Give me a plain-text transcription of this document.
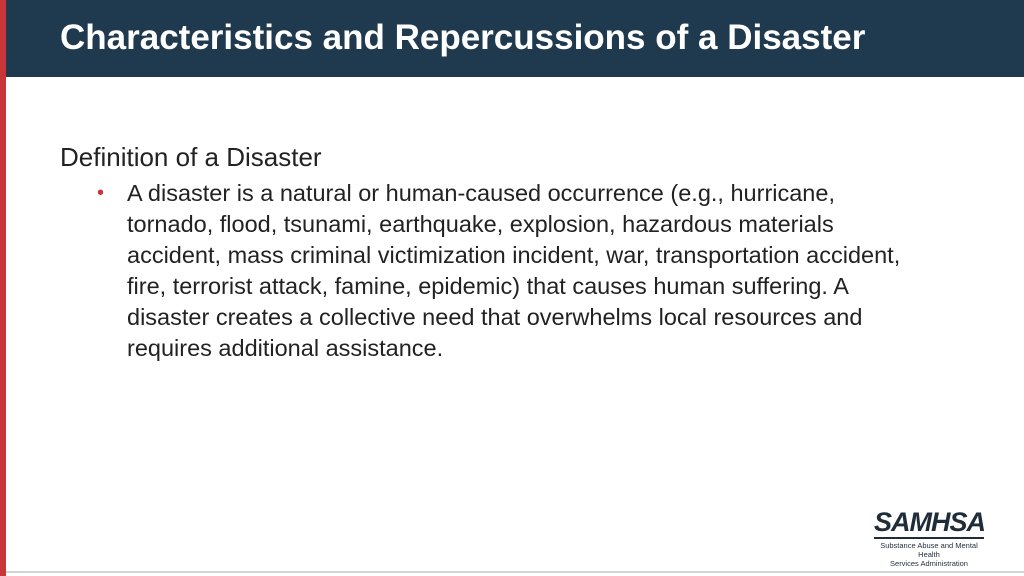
Characteristics and Repercussions of a Disaster

Definition of a Disaster

• A disaster is a natural or human-caused occurrence (e.g., hurricane, tornado, flood, tsunami, earthquake, explosion, hazardous materials accident, mass criminal victimization incident, war, transportation accident, fire, terrorist attack, famine, epidemic) that causes human suffering. A disaster creates a collective need that overwhelms local resources and requires additional assistance.
SAMHSA
Substance Abuse and Mental Health
Services Administration
